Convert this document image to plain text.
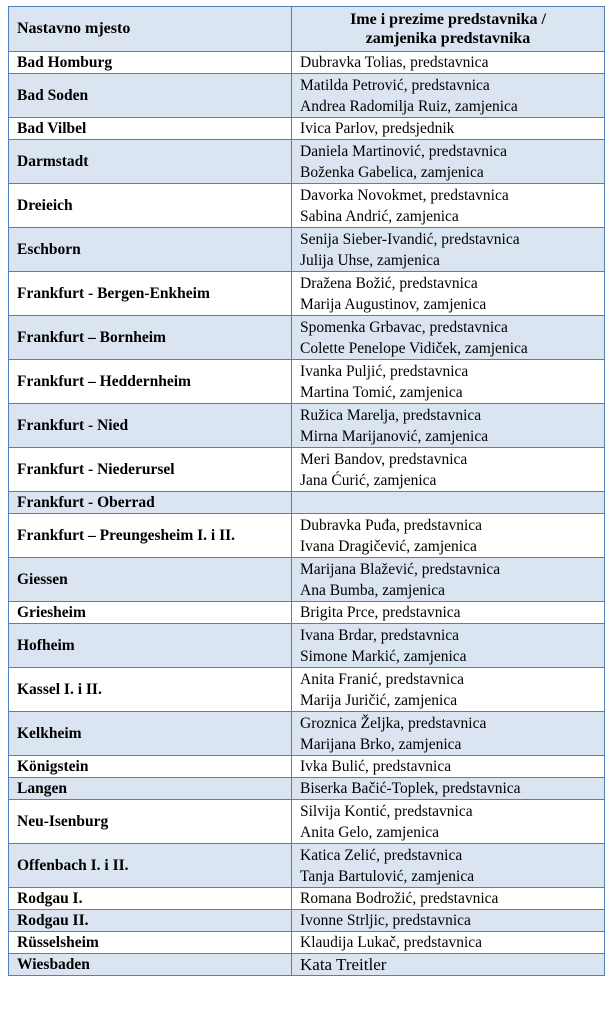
Nastavno mjesto	Ime i prezime predstavnika /
zamjenika predstavnika

Bad Homburg	Dubravka Tolias, predstavnica

Bad Soden	Matilda Petrović, predstavnica
Andrea Radomilja Ruiz, zamjenica

Bad Vilbel	Ivica Parlov, predsjednik

Darmstadt	Daniela Martinović, predstavnica
Boženka Gabelica, zamjenica

Dreieich	Davorka Novokmet, predstavnica
Sabina Andrić, zamjenica

Eschborn	Senija Sieber-Ivandić, predstavnica
Julija Uhse, zamjenica

Frankfurt - Bergen-Enkheim	Dražena Božić, predstavnica
Marija Augustinov, zamjenica

Frankfurt – Bornheim	Spomenka Grbavac, predstavnica
Colette Penelope Vidiček, zamjenica

Frankfurt – Heddernheim	Ivanka Puljić, predstavnica
Martina Tomić, zamjenica

Frankfurt - Nied	Ružica Marelja, predstavnica
Mirna Marijanović, zamjenica

Frankfurt - Niederursel	Meri Bandov, predstavnica
Jana Ćurić, zamjenica

Frankfurt - Oberrad	
Frankfurt – Preungesheim I. i II.	Dubravka Puđa, predstavnica
Ivana Dragičević, zamjenica

Giessen	Marijana Blažević, predstavnica
Ana Bumba, zamjenica

Griesheim	Brigita Prce, predstavnica

Hofheim	Ivana Brdar, predstavnica
Simone Markić, zamjenica

Kassel I. i II.	Anita Franić, predstavnica
Marija Juričić, zamjenica

Kelkheim	Groznica Željka, predstavnica
Marijana Brko, zamjenica

Königstein	Ivka Bulić, predstavnica

Langen	Biserka Bačić-Toplek, predstavnica

Neu-Isenburg	Silvija Kontić, predstavnica
Anita Gelo, zamjenica

Offenbach I. i II.	Katica Zelić, predstavnica
Tanja Bartulović, zamjenica

Rodgau I.	Romana Bodrožić, predstavnica

Rodgau II.	Ivonne Strljic, predstavnica

Rüsselsheim	Klaudija Lukač, predstavnica

Wiesbaden	Kata Treitler
